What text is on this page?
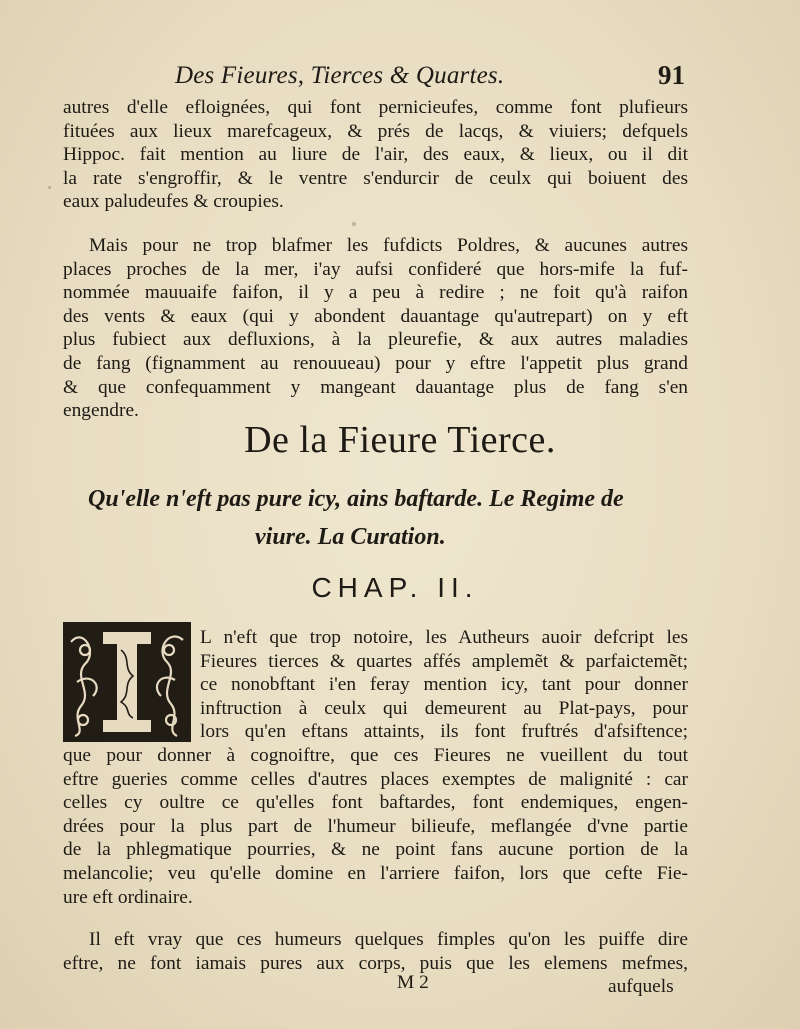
Des Fieures, Tierces & Quartes.	91
autres d'elle efloignées, qui font pernicieufes, comme font plufieurs
fituées aux lieux marefcageux, & prés de lacqs, & viuiers; defquels
Hippoc. fait mention au liure de l'air, des eaux, & lieux, ou il dit
la rate s'engroffir, & le ventre s'endurcir de ceulx qui boiuent des
eaux paludeufes & croupies.
Mais pour ne trop blafmer les fufdicts Poldres, & aucunes autres
places proches de la mer, i'ay aufsi confideré que hors-mife la fuf-
nommée mauuaife faifon, il y a peu à redire ; ne foit qu'à raifon
des vents & eaux (qui y abondent dauantage qu'autrepart) on y eft
plus fubiect aux defluxions, à la pleurefie, & aux autres maladies
de fang (fignamment au renouueau) pour y eftre l'appetit plus grand
& que confequamment y mangeant dauantage plus de fang s'en
engendre.
De la Fieure Tierce.
Qu'elle n'eft pas pure icy, ains baftarde. Le Regime de
viure. La Curation.
CHAP. II.
L n'eft que trop notoire, les Autheurs auoir defcript les
Fieures tierces & quartes affés amplemẽt & parfaictemẽt;
ce nonobftant i'en feray mention icy, tant pour donner
inftruction à ceulx qui demeurent au Plat-pays, pour
lors qu'en eftans attaints, ils font fruftrés d'afsiftence;
que pour donner à cognoiftre, que ces Fieures ne vueillent du tout
eftre gueries comme celles d'autres places exemptes de malignité : car
celles cy oultre ce qu'elles font baftardes, font endemiques, engen-
drées pour la plus part de l'humeur bilieufe, meflangée d'vne partie
de la phlegmatique pourries, & ne point fans aucune portion de la
melancolie; veu qu'elle domine en l'arriere faifon, lors que cefte Fie-
ure eft ordinaire.
Il eft vray que ces humeurs quelques fimples qu'on les puiffe dire
eftre, ne font iamais pures aux corps, puis que les elemens mefmes,
M 2	aufquels
